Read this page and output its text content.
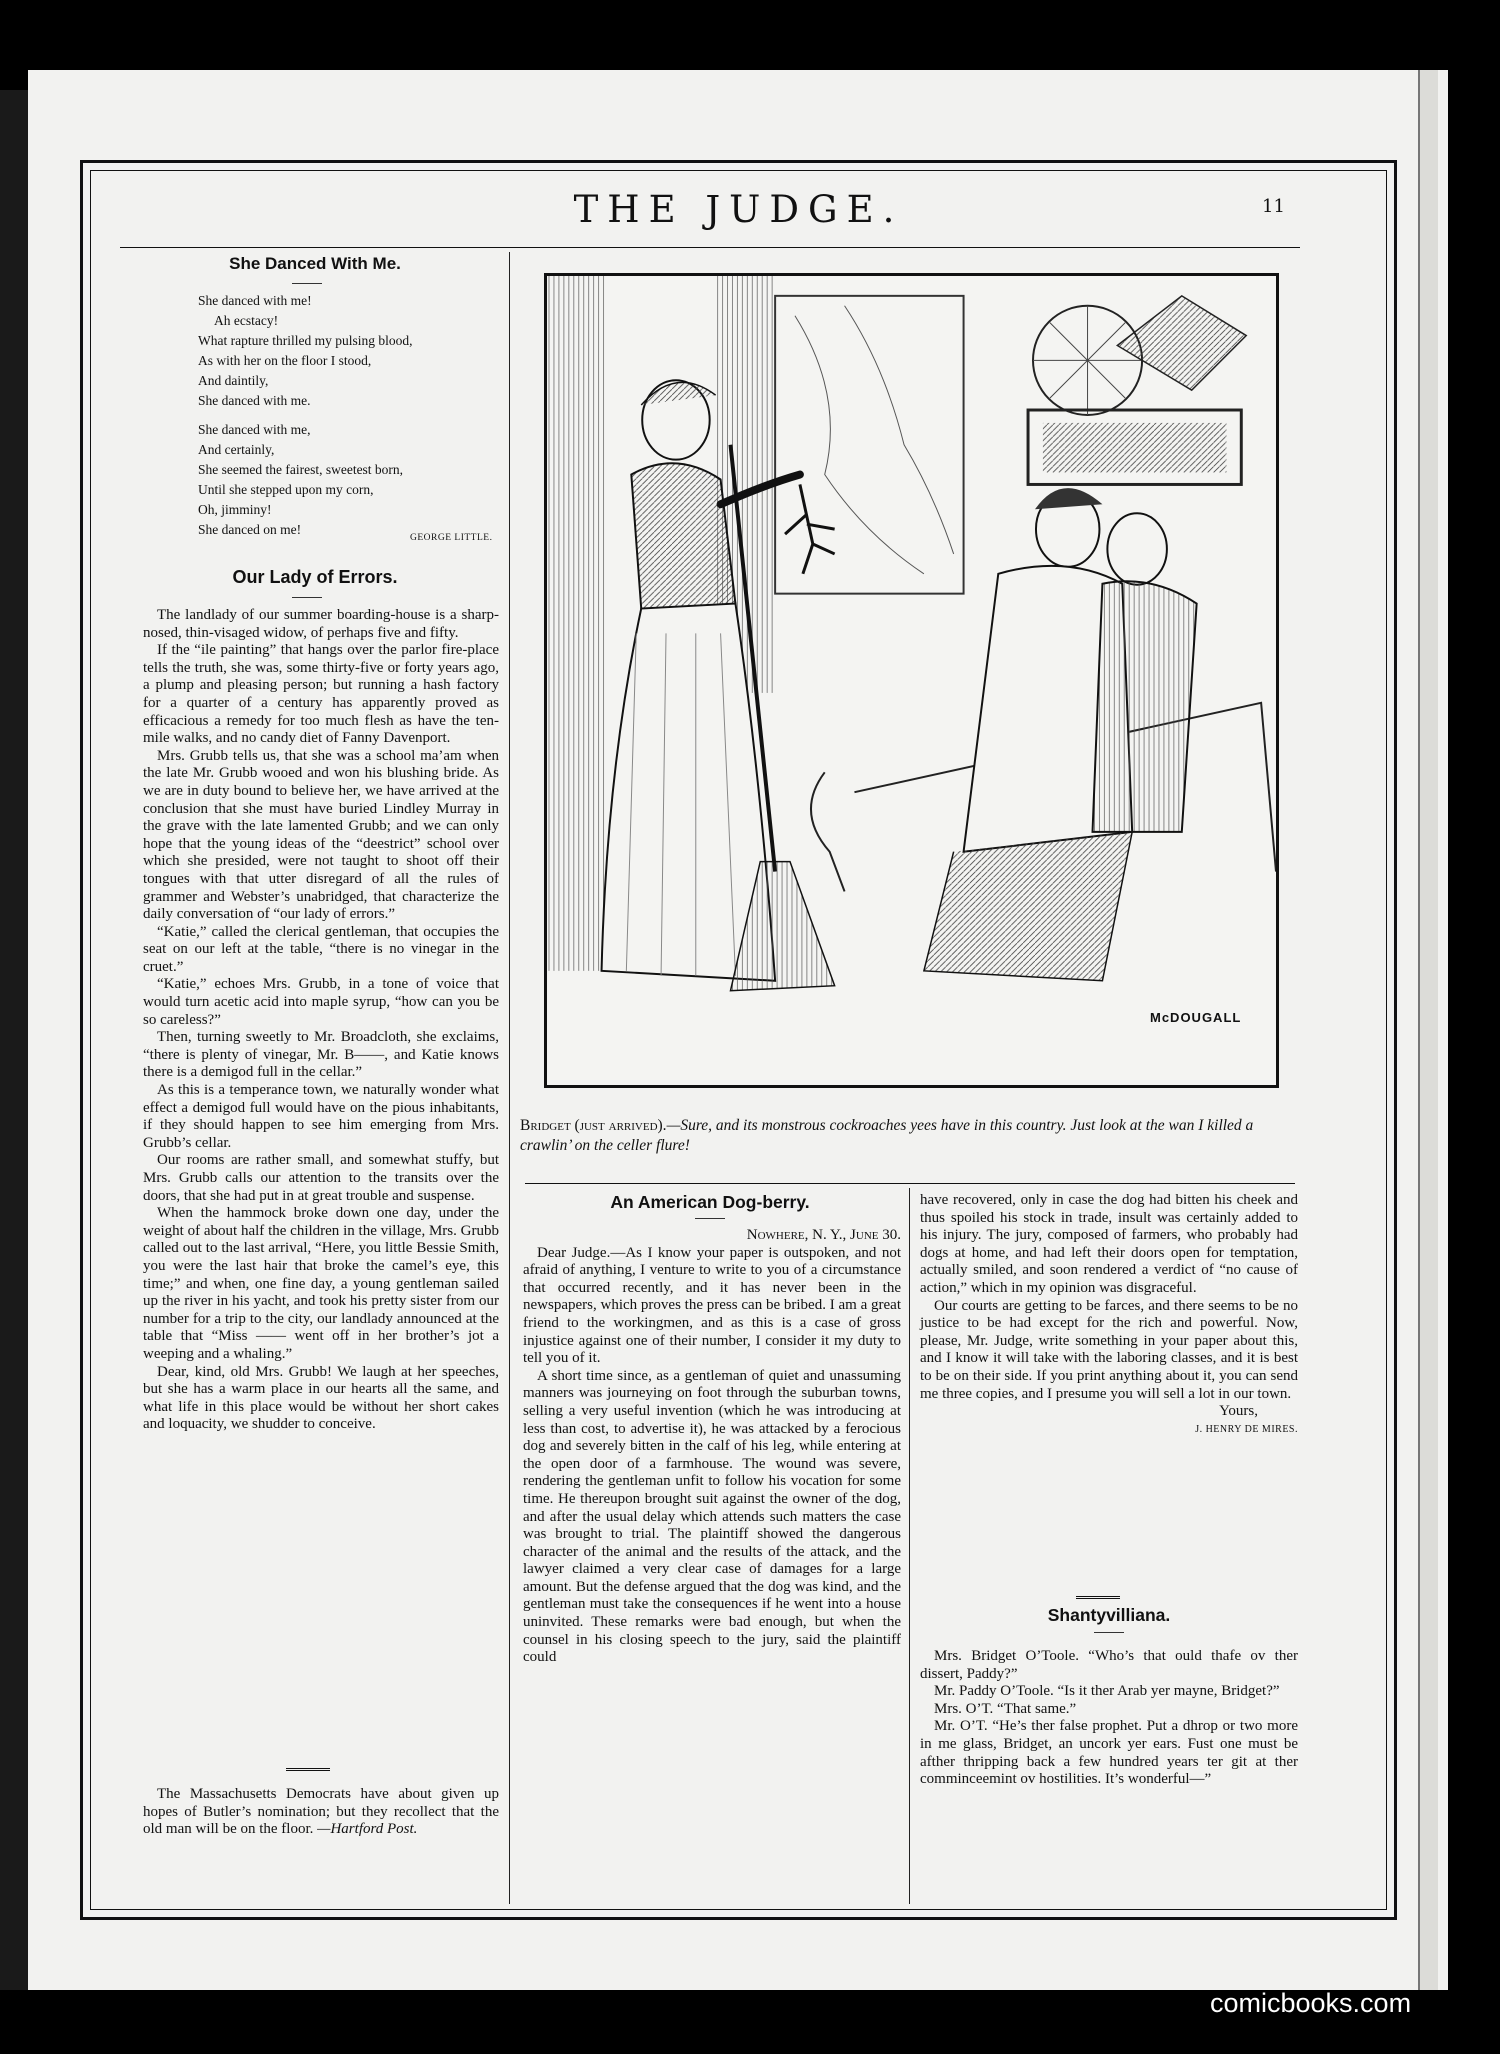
THE JUDGE.	11
She Danced With Me.
She danced with me!
Ah ecstacy!
What rapture thrilled my pulsing blood,
As with her on the floor I stood,
And daintily,
She danced with me.
She danced with me,
And certainly,
She seemed the fairest, sweetest born,
Until she stepped upon my corn,
Oh, jimminy!
She danced on me!
GEORGE LITTLE.
Our Lady of Errors.

The landlady of our summer boarding-house is a sharp-nosed, thin-visaged widow, of perhaps five and fifty.

If the “ile painting” that hangs over the parlor fire-place tells the truth, she was, some thirty-five or forty years ago, a plump and pleasing person; but running a hash factory for a quarter of a century has apparently proved as efficacious a remedy for too much flesh as have the ten-mile walks, and no candy diet of Fanny Davenport.

Mrs. Grubb tells us, that she was a school ma’am when the late Mr. Grubb wooed and won his blushing bride. As we are in duty bound to believe her, we have arrived at the conclusion that she must have buried Lindley Murray in the grave with the late lamented Grubb; and we can only hope that the young ideas of the “deestrict” school over which she presided, were not taught to shoot off their tongues with that utter disregard of all the rules of grammer and Webster’s unabridged, that characterize the daily conversation of “our lady of errors.”

“Katie,” called the clerical gentleman, that occupies the seat on our left at the table, “there is no vinegar in the cruet.”

“Katie,” echoes Mrs. Grubb, in a tone of voice that would turn acetic acid into maple syrup, “how can you be so careless?”

Then, turning sweetly to Mr. Broadcloth, she exclaims, “there is plenty of vinegar, Mr. B——, and Katie knows there is a demigod full in the cellar.”

As this is a temperance town, we naturally wonder what effect a demigod full would have on the pious inhabitants, if they should happen to see him emerging from Mrs. Grubb’s cellar.

Our rooms are rather small, and somewhat stuffy, but Mrs. Grubb calls our attention to the transits over the doors, that she had put in at great trouble and suspense.

When the hammock broke down one day, under the weight of about half the children in the village, Mrs. Grubb called out to the last arrival, “Here, you little Bessie Smith, you were the last hair that broke the camel’s eye, this time;” and when, one fine day, a young gentleman sailed up the river in his yacht, and took his pretty sister from our number for a trip to the city, our landlady announced at the table that “Miss —— went off in her brother’s jot a weeping and a whaling.”

Dear, kind, old Mrs. Grubb! We laugh at her speeches, but she has a warm place in our hearts all the same, and what life in this place would be without her short cakes and loquacity, we shudder to conceive.

The Massachusetts Democrats have about given up hopes of Butler’s nomination; but they recollect that the old man will be on the floor. —Hartford Post.

McDOUGALL
Bridget (just arrived).—Sure, and its monstrous cockroaches yees have in this country. Just look at the wan I killed a crawlin’ on the celler flure!
An American Dog-berry.
Nowhere, N. Y., June 30.

Dear Judge.—As I know your paper is outspoken, and not afraid of anything, I venture to write to you of a circumstance that occurred recently, and it has never been in the newspapers, which proves the press can be bribed. I am a great friend to the workingmen, and as this is a case of gross injustice against one of their number, I consider it my duty to tell you of it.

A short time since, as a gentleman of quiet and unassuming manners was journeying on foot through the suburban towns, selling a very useful invention (which he was introducing at less than cost, to advertise it), he was attacked by a ferocious dog and severely bitten in the calf of his leg, while entering at the open door of a farmhouse. The wound was severe, rendering the gentleman unfit to follow his vocation for some time. He thereupon brought suit against the owner of the dog, and after the usual delay which attends such matters the case was brought to trial. The plaintiff showed the dangerous character of the animal and the results of the attack, and the lawyer claimed a very clear case of damages for a large amount. But the defense argued that the dog was kind, and the gentleman must take the consequences if he went into a house uninvited. These remarks were bad enough, but when the counsel in his closing speech to the jury, said the plaintiff could

have recovered, only in case the dog had bitten his cheek and thus spoiled his stock in trade, insult was certainly added to his injury. The jury, composed of farmers, who probably had dogs at home, and had left their doors open for temptation, actually smiled, and soon rendered a verdict of “no cause of action,” which in my opinion was disgraceful.

Our courts are getting to be farces, and there seems to be no justice to be had except for the rich and powerful. Now, please, Mr. Judge, write something in your paper about this, and I know it will take with the laboring classes, and it is best to be on their side. If you print anything about it, you can send me three copies, and I presume you will sell a lot in our town.

Yours,
J. HENRY DE MIRES.
Shantyvilliana.

Mrs. Bridget O’Toole. “Who’s that ould thafe ov ther dissert, Paddy?”

Mr. Paddy O’Toole. “Is it ther Arab yer mayne, Bridget?”

Mrs. O’T. “That same.”

Mr. O’T. “He’s ther false prophet. Put a dhrop or two more in me glass, Bridget, an uncork yer ears. Fust one must be afther thripping back a few hundred years ter git at ther comminceemint ov hostilities. It’s wonderful—”

comicbooks.com
